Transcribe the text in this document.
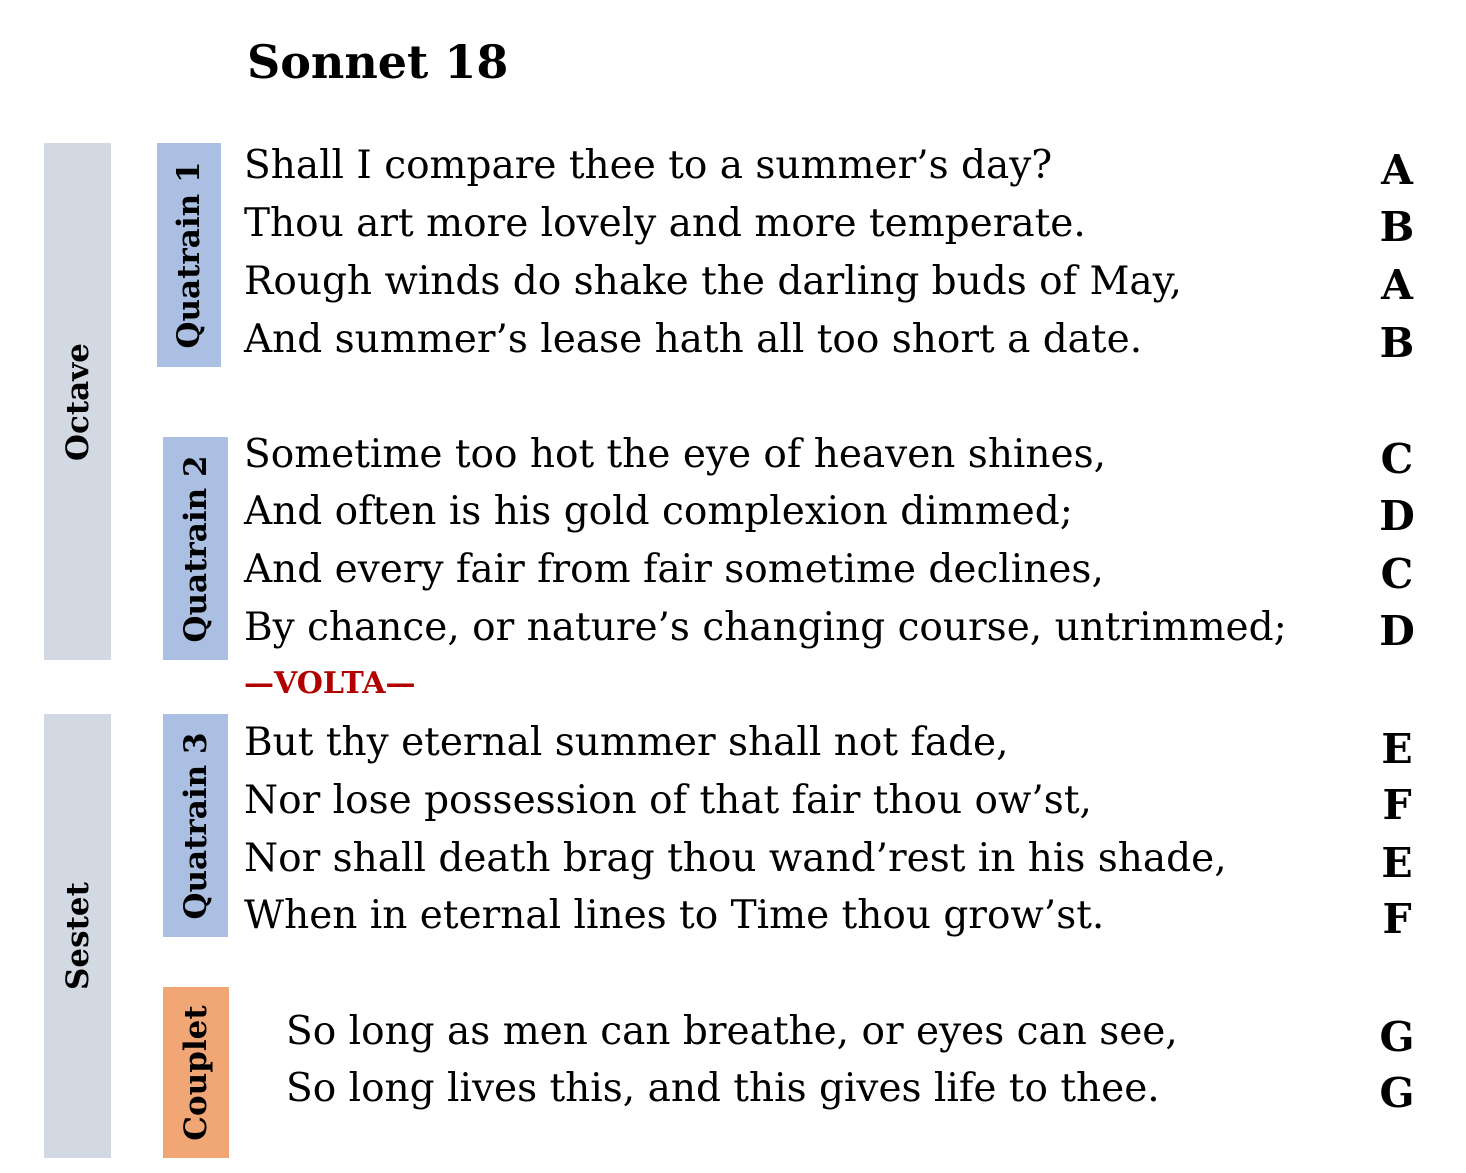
Sonnet 18
Octave
Sestet
Quatrain 1
Quatrain 2
Quatrain 3
Couplet
Shall I compare thee to a summer’s day?
Thou art more lovely and more temperate.
Rough winds do shake the darling buds of May,
And summer’s lease hath all too short a date.
Sometime too hot the eye of heaven shines,
And often is his gold complexion dimmed;
And every fair from fair sometime declines,
By chance, or nature’s changing course, untrimmed;
—VOLTA—
But thy eternal summer shall not fade,
Nor lose possession of that fair thou ow’st,
Nor shall death brag thou wand’rest in his shade,
When in eternal lines to Time thou grow’st.
So long as men can breathe, or eyes can see,
So long lives this, and this gives life to thee.
A
B
A
B
C
D
C
D
E
F
E
F
G
G
